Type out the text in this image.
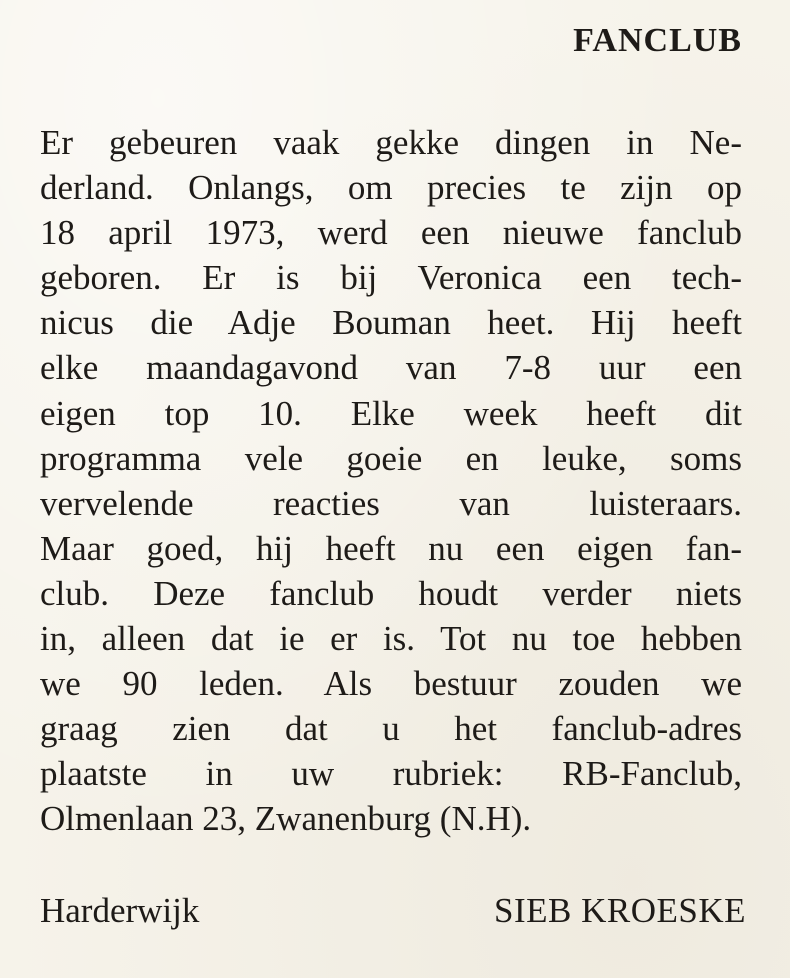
FANCLUB
Er gebeuren vaak gekke dingen in Ne-
derland. Onlangs, om precies te zijn op
18 april 1973, werd een nieuwe fanclub
geboren. Er is bij Veronica een tech-
nicus die Adje Bouman heet. Hij heeft
elke maandagavond van 7-8 uur een
eigen top 10. Elke week heeft dit
programma vele goeie en leuke, soms
vervelende reacties van luisteraars.
Maar goed, hij heeft nu een eigen fan-
club. Deze fanclub houdt verder niets
in, alleen dat ie er is. Tot nu toe hebben
we 90 leden. Als bestuur zouden we
graag zien dat u het fanclub-adres
plaatste in uw rubriek: RB-Fanclub,
Olmenlaan 23, Zwanenburg (N.H).
Harderwijk	SIEB KROESKE
